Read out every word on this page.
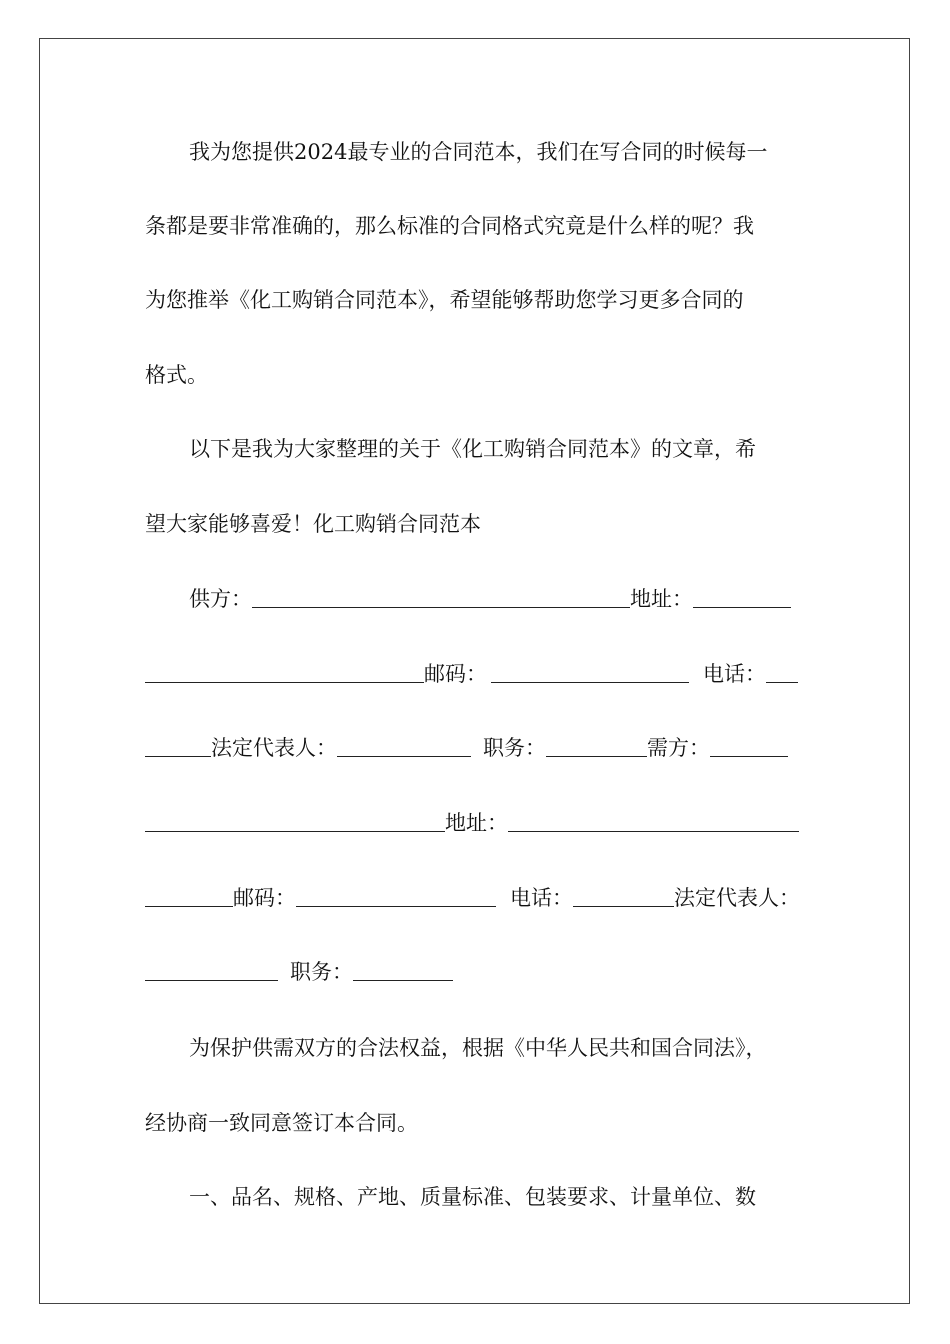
我为您提供2024最专业的合同范本，我们在写合同的时候每一
条都是要非常准确的，那么标准的合同格式究竟是什么样的呢？我
为您推举《化工购销合同范本》，希望能够帮助您学习更多合同的
格式。
以下是我为大家整理的关于《化工购销合同范本》的文章，希
望大家能够喜爱！化工购销合同范本
供方：	地址：
邮码：	电话：
法定代表人：	职务：	需方：
地址：
邮码：	电话：	法定代表人：
职务：
为保护供需双方的合法权益，根据《中华人民共和国合同法》，
经协商一致同意签订本合同。
一、品名、规格、产地、质量标准、包装要求、计量单位、数
